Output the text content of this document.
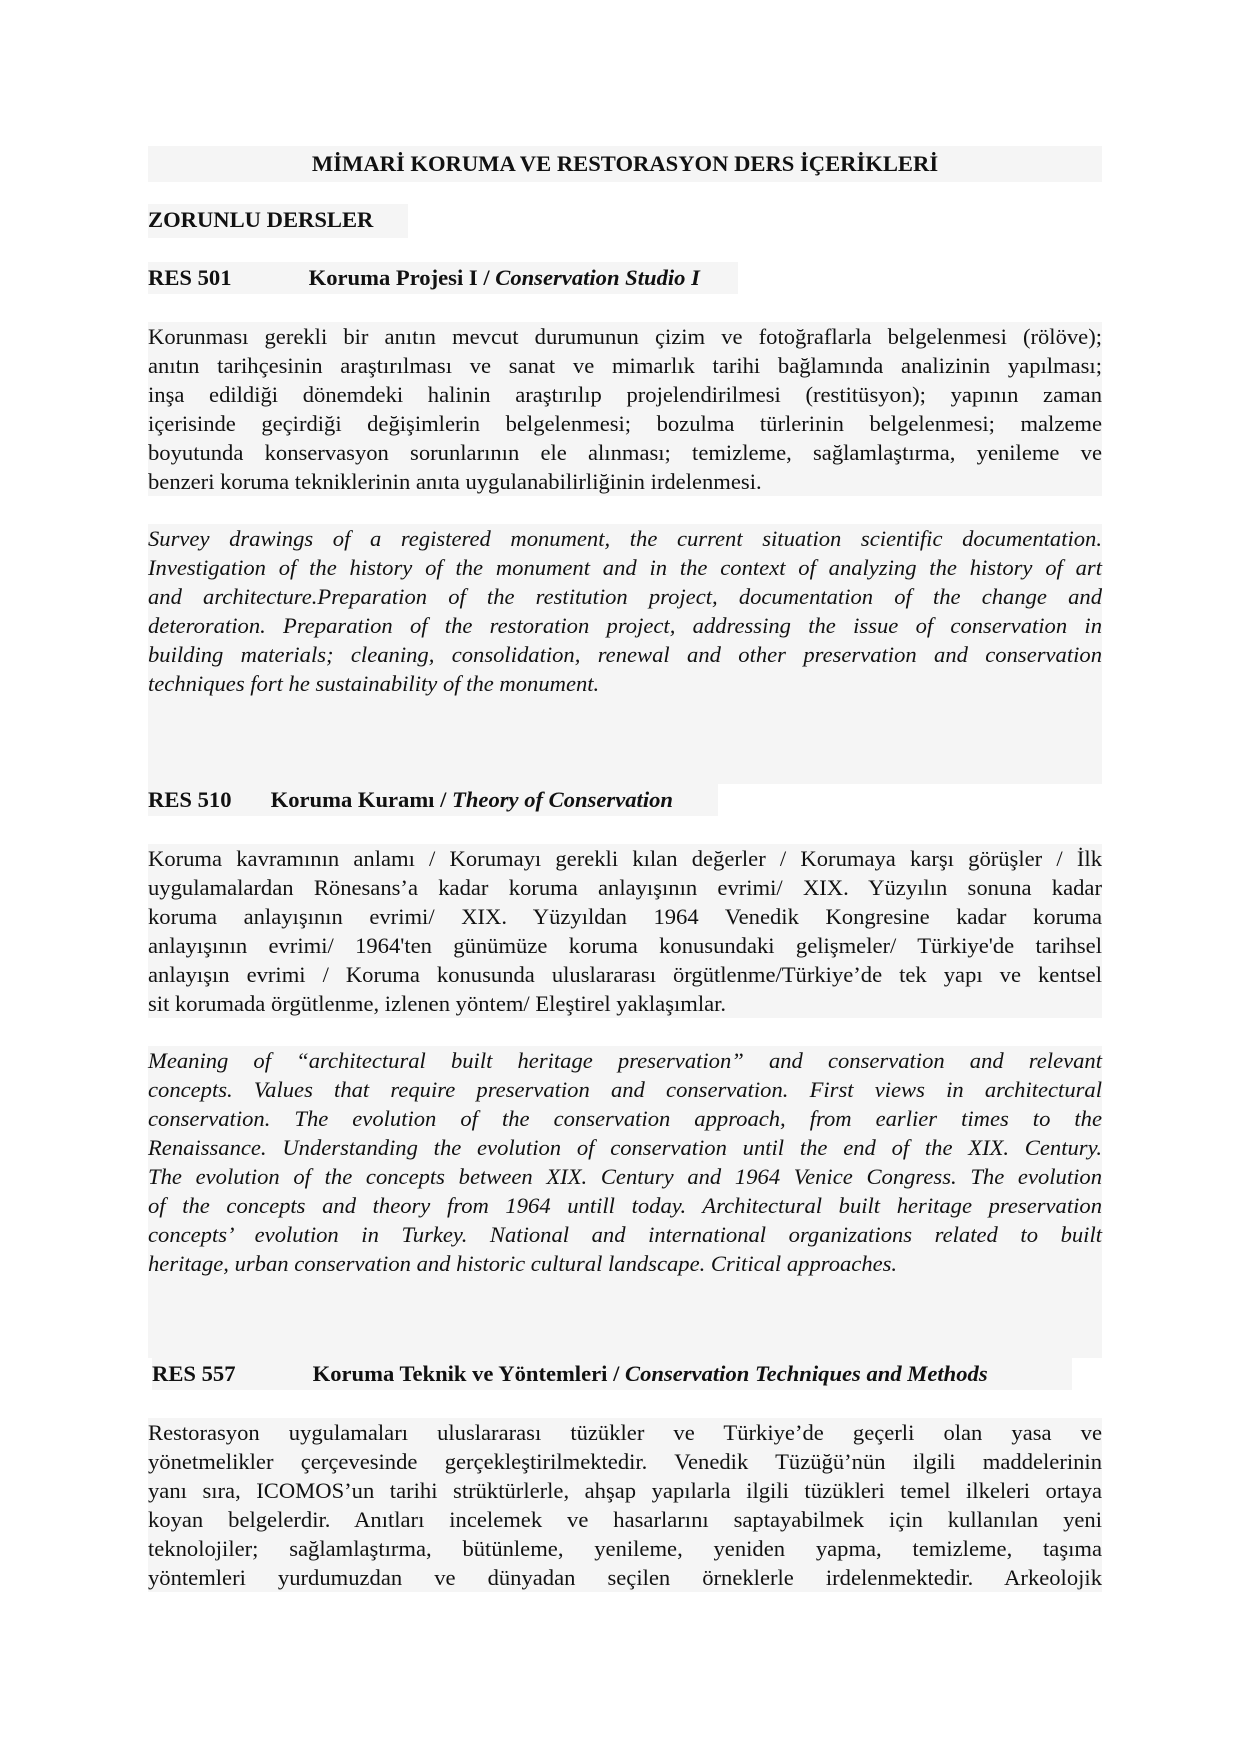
MİMARİ KORUMA VE RESTORASYON DERS İÇERİKLERİ
ZORUNLU DERSLER
RES 501	Koruma Projesi I / Conservation Studio I
Korunması gerekli bir anıtın mevcut durumunun çizim ve fotoğraflarla belgelenmesi (rölöve);
anıtın tarihçesinin araştırılması ve sanat ve mimarlık tarihi bağlamında analizinin yapılması;
inşa edildiği dönemdeki halinin araştırılıp projelendirilmesi (restitüsyon); yapının zaman
içerisinde geçirdiği değişimlerin belgelenmesi; bozulma türlerinin belgelenmesi; malzeme
boyutunda konservasyon sorunlarının ele alınması; temizleme, sağlamlaştırma, yenileme ve
benzeri koruma tekniklerinin anıta uygulanabilirliğinin irdelenmesi.
Survey drawings of a registered monument, the current situation scientific documentation.
Investigation of the history of the monument and in the context of analyzing the history of art
and architecture.Preparation of the restitution project, documentation of the change and
deteroration. Preparation of the restoration project, addressing the issue of conservation in
building materials; cleaning, consolidation, renewal and other preservation and conservation
techniques fort he sustainability of the monument.
RES 510 Koruma Kuramı / Theory of Conservation
Koruma kavramının anlamı / Korumayı gerekli kılan değerler / Korumaya karşı görüşler / İlk
uygulamalardan Rönesans’a kadar koruma anlayışının evrimi/ XIX. Yüzyılın sonuna kadar
koruma anlayışının evrimi/ XIX. Yüzyıldan 1964 Venedik Kongresine kadar koruma
anlayışının evrimi/ 1964'ten günümüze koruma konusundaki gelişmeler/ Türkiye'de tarihsel
anlayışın evrimi / Koruma konusunda uluslararası örgütlenme/Türkiye’de tek yapı ve kentsel
sit korumada örgütlenme, izlenen yöntem/ Eleştirel yaklaşımlar.
Meaning of “architectural built heritage preservation” and conservation and relevant
concepts. Values that require preservation and conservation. First views in architectural
conservation. The evolution of the conservation approach, from earlier times to the
Renaissance. Understanding the evolution of conservation until the end of the XIX. Century.
The evolution of the concepts between XIX. Century and 1964 Venice Congress. The evolution
of the concepts and theory from 1964 untill today. Architectural built heritage preservation
concepts’ evolution in Turkey. National and international organizations related to built
heritage, urban conservation and historic cultural landscape. Critical approaches.
RES 557	Koruma Teknik ve Yöntemleri / Conservation Techniques and Methods
Restorasyon uygulamaları uluslararası tüzükler ve Türkiye’de geçerli olan yasa ve
yönetmelikler çerçevesinde gerçekleştirilmektedir. Venedik Tüzüğü’nün ilgili maddelerinin
yanı sıra, ICOMOS’un tarihi strüktürlerle, ahşap yapılarla ilgili tüzükleri temel ilkeleri ortaya
koyan belgelerdir. Anıtları incelemek ve hasarlarını saptayabilmek için kullanılan yeni
teknolojiler; sağlamlaştırma, bütünleme, yenileme, yeniden yapma, temizleme, taşıma
yöntemleri yurdumuzdan ve dünyadan seçilen örneklerle irdelenmektedir. Arkeolojik
